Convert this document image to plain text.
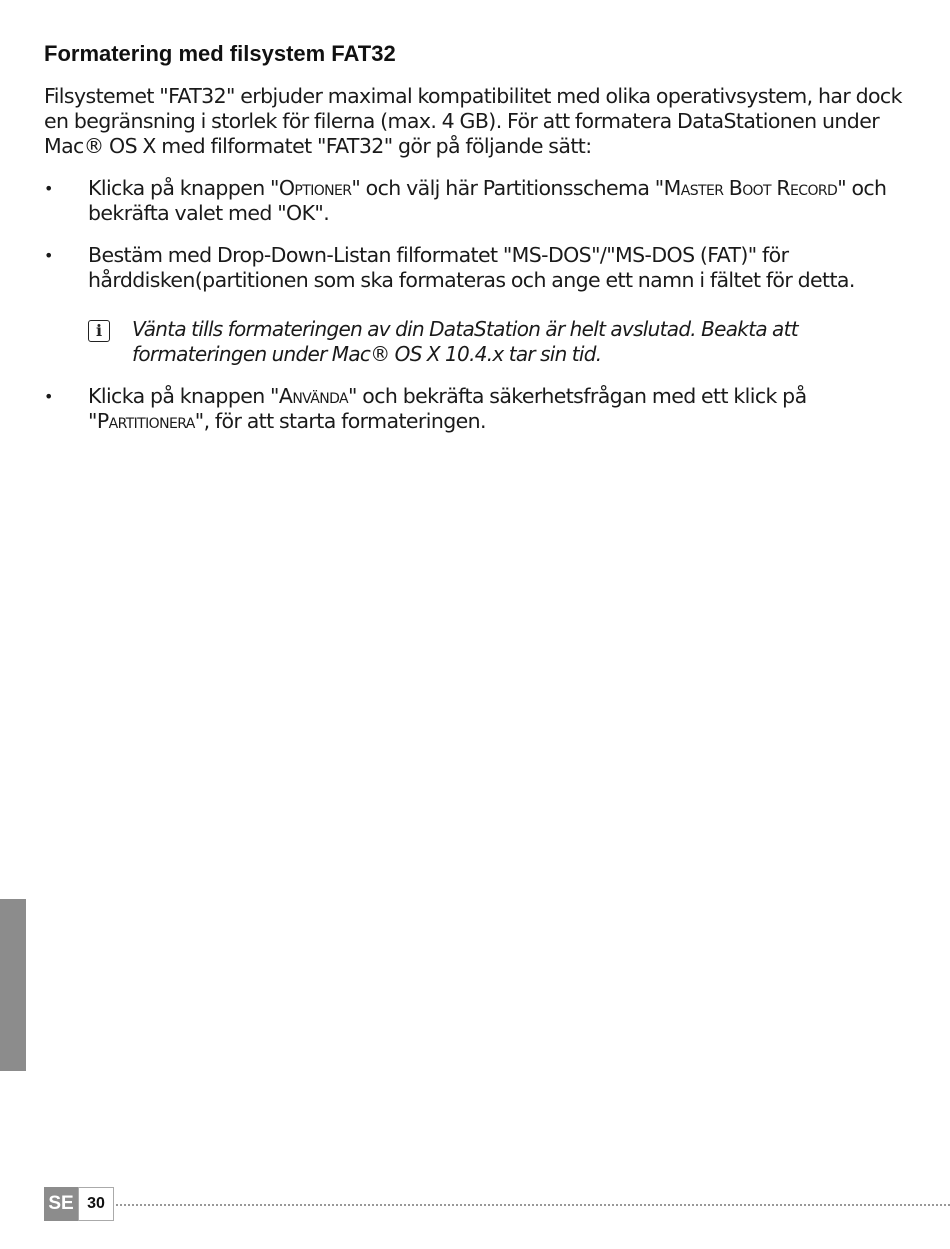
Formatering med filsystem FAT32

Filsystemet "FAT32" erbjuder maximal kompatibilitet med olika operativsystem, har dock en begränsning i storlek för filerna (max. 4 GB). För att formatera DataStationen under Mac® OS X med filformatet "FAT32" gör på följande sätt:

• Klicka på knappen "Optioner" och välj här Partitionsschema "Master Boot Record" och bekräfta valet med "OK".
• Bestäm med Drop-Down-Listan filformatet "MS-DOS"/"MS-DOS (FAT)" för hårddisken(partitionen som ska formateras och ange ett namn i fältet för detta.
i	Vänta tills formateringen av din DataStation är helt avslutad. Beakta att formateringen under Mac® OS X 10.4.x tar sin tid.
• Klicka på knappen "Använda" och bekräfta säkerhetsfrågan med ett klick på "Partitionera", för att starta formateringen.
SE 30
